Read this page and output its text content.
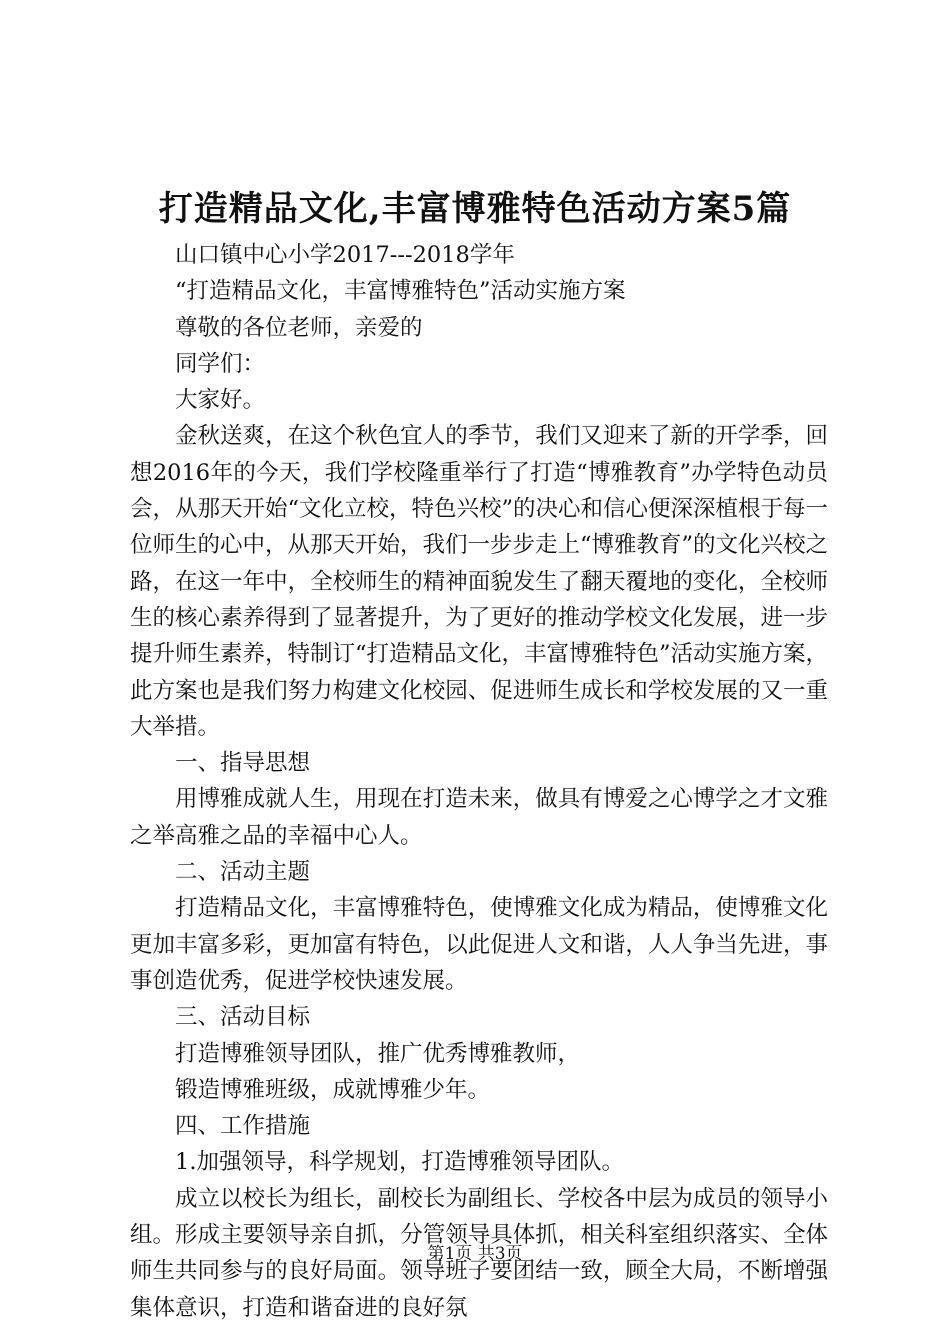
打造精品文化,丰富博雅特色活动方案5篇

山口镇中心小学2017---2018学年

“打造精品文化，丰富博雅特色”活动实施方案

尊敬的各位老师，亲爱的

同学们：

大家好。

金秋送爽，在这个秋色宜人的季节，我们又迎来了新的开学季，回想2016年的今天，我们学校隆重举行了打造“博雅教育”办学特色动员会，从那天开始“文化立校，特色兴校”的决心和信心便深深植根于每一位师生的心中，从那天开始，我们一步步走上“博雅教育”的文化兴校之路，在这一年中，全校师生的精神面貌发生了翻天覆地的变化，全校师生的核心素养得到了显著提升，为了更好的推动学校文化发展，进一步提升师生素养，特制订“打造精品文化，丰富博雅特色”活动实施方案，此方案也是我们努力构建文化校园、促进师生成长和学校发展的又一重大举措。

一、指导思想

用博雅成就人生，用现在打造未来，做具有博爱之心博学之才文雅之举高雅之品的幸福中心人。

二、活动主题

打造精品文化，丰富博雅特色，使博雅文化成为精品，使博雅文化更加丰富多彩，更加富有特色，以此促进人文和谐，人人争当先进，事事创造优秀，促进学校快速发展。

三、活动目标

打造博雅领导团队，推广优秀博雅教师，

锻造博雅班级，成就博雅少年。

四、工作措施

1.加强领导，科学规划，打造博雅领导团队。

成立以校长为组长，副校长为副组长、学校各中层为成员的领导小组。形成主要领导亲自抓，分管领导具体抓，相关科室组织落实、全体师生共同参与的良好局面。领导班子要团结一致，顾全大局，不断增强集体意识，打造和谐奋进的良好氛

第1页 共3页
